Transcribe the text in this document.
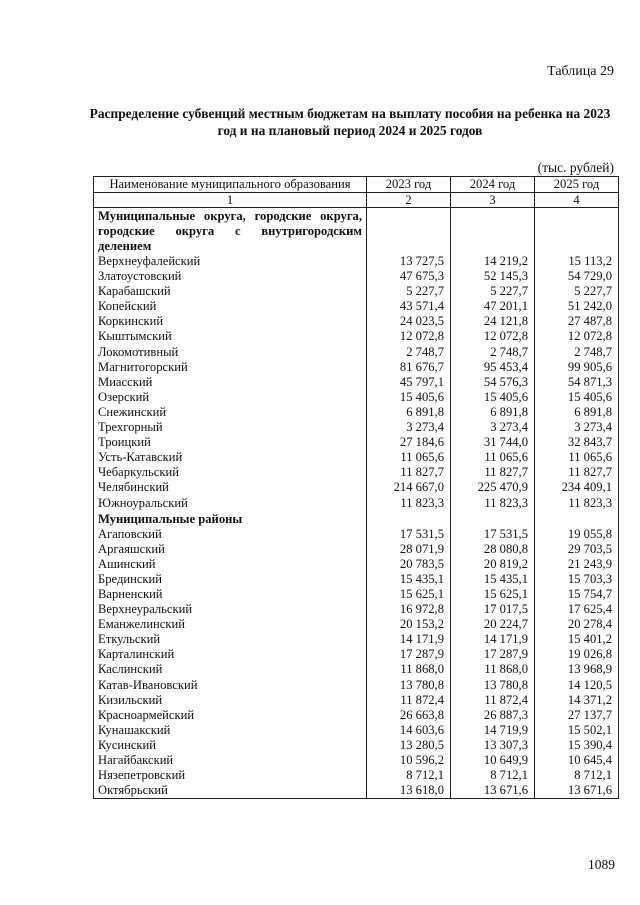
Таблица 29
Распределение субвенций местным бюджетам на выплату пособия на ребенка на 2023 год и на плановый период 2024 и 2025 годов
(тыс. рублей)
Наименование муниципального образования	2023 год	2024 год	2025 год
1	2	3	4
Муниципальные округа, городские округа, городские округа с внутригородским делением			
Верхнеуфалейский	13 727,5	14 219,2	15 113,2
Златоустовский	47 675,3	52 145,3	54 729,0
Карабашский	5 227,7	5 227,7	5 227,7
Копейский	43 571,4	47 201,1	51 242,0
Коркинский	24 023,5	24 121,8	27 487,8
Кыштымский	12 072,8	12 072,8	12 072,8
Локомотивный	2 748,7	2 748,7	2 748,7
Магнитогорский	81 676,7	95 453,4	99 905,6
Миасский	45 797,1	54 576,3	54 871,3
Озерский	15 405,6	15 405,6	15 405,6
Снежинский	6 891,8	6 891,8	6 891,8
Трехгорный	3 273,4	3 273,4	3 273,4
Троицкий	27 184,6	31 744,0	32 843,7
Усть-Катавский	11 065,6	11 065,6	11 065,6
Чебаркульский	11 827,7	11 827,7	11 827,7
Челябинский	214 667,0	225 470,9	234 409,1
Южноуральский	11 823,3	11 823,3	11 823,3
Муниципальные районы			
Агаповский	17 531,5	17 531,5	19 055,8
Аргаяшский	28 071,9	28 080,8	29 703,5
Ашинский	20 783,5	20 819,2	21 243,9
Брединский	15 435,1	15 435,1	15 703,3
Варненский	15 625,1	15 625,1	15 754,7
Верхнеуральский	16 972,8	17 017,5	17 625,4
Еманжелинский	20 153,2	20 224,7	20 278,4
Еткульский	14 171,9	14 171,9	15 401,2
Карталинский	17 287,9	17 287,9	19 026,8
Каслинский	11 868,0	11 868,0	13 968,9
Катав-Ивановский	13 780,8	13 780,8	14 120,5
Кизильский	11 872,4	11 872,4	14 371,2
Красноармейский	26 663,8	26 887,3	27 137,7
Кунашакский	14 603,6	14 719,9	15 502,1
Кусинский	13 280,5	13 307,3	15 390,4
Нагайбакский	10 596,2	10 649,9	10 645,4
Нязепетровский	8 712,1	8 712,1	8 712,1
Октябрьский	13 618,0	13 671,6	13 671,6
1089
